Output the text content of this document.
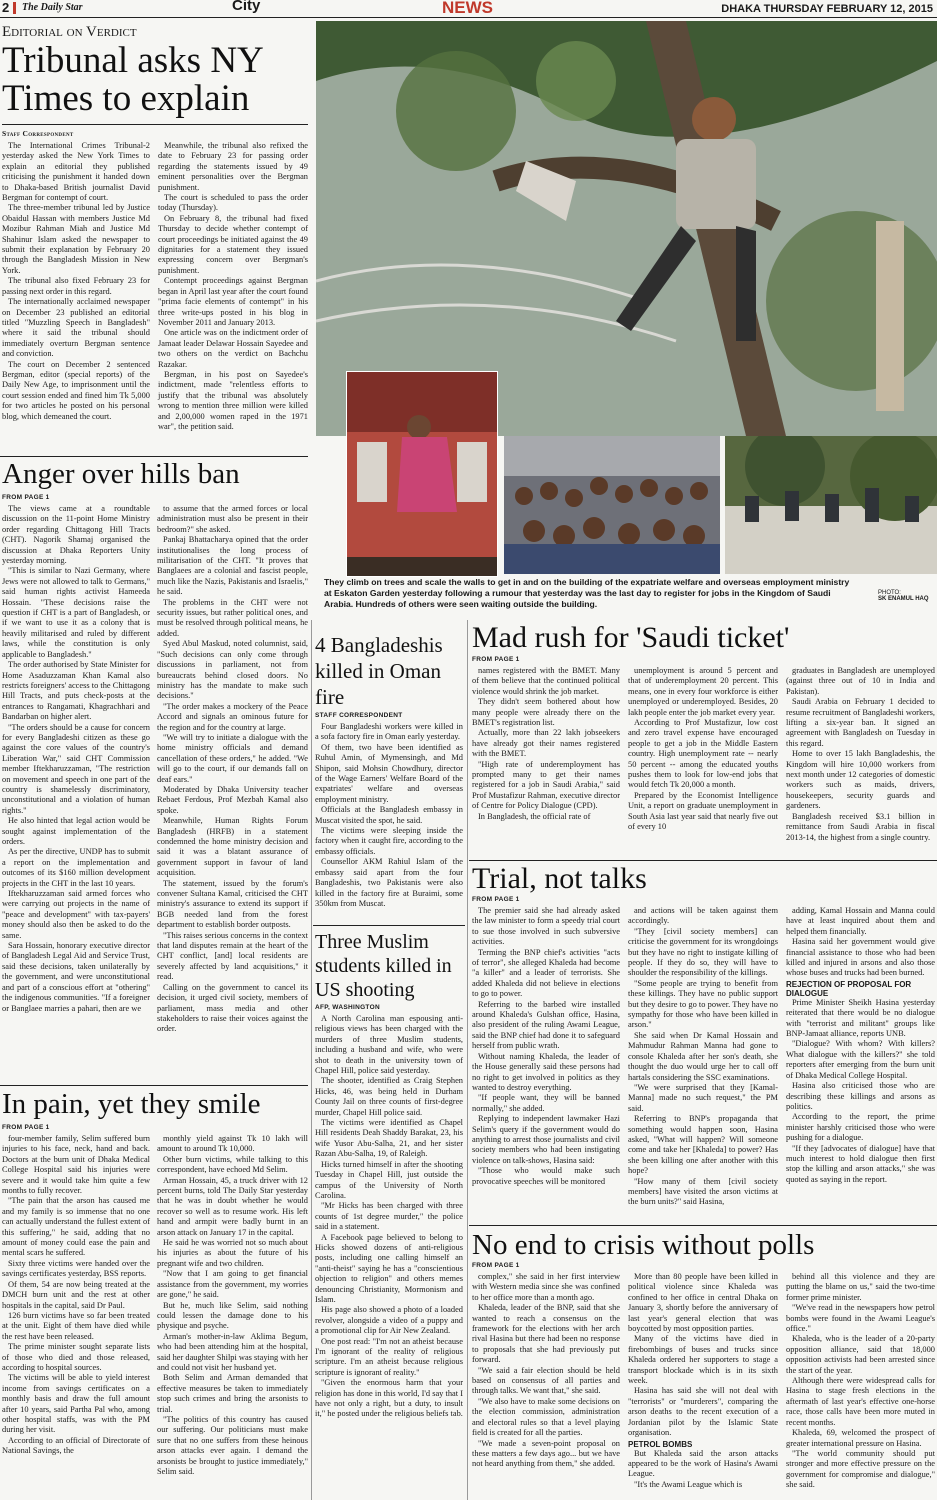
2 The Daily Star	City	NEWS	DHAKA THURSDAY FEBRUARY 12, 2015
Editorial on Verdict
Tribunal asks NY Times to explain
Staff Correspondent

The International Crimes Tribunal-2 yesterday asked the New York Times to explain an editorial they published criticising the punishment it handed down to Dhaka-based British journalist David Bergman for contempt of court.

The three-member tribunal led by Justice Obaidul Hassan with members Justice Md Mozibur Rahman Miah and Justice Md Shahinur Islam asked the newspaper to submit their explanation by February 20 through the Bangladesh Mission in New York.

The tribunal also fixed February 23 for passing next order in this regard.

The internationally acclaimed newspaper on December 23 published an editorial titled "Muzzling Speech in Bangladesh" where it said the tribunal should immediately overturn Bergman sentence and conviction.

The court on December 2 sentenced Bergman, editor (special reports) of the Daily New Age, to imprisonment until the court session ended and fined him Tk 5,000 for two articles he posted on his personal blog, which demeaned the court.

Meanwhile, the tribunal also refixed the date to February 23 for passing order regarding the statements issued by 49 eminent personalities over the Bergman punishment.

The court is scheduled to pass the order today (Thursday).

On February 8, the tribunal had fixed Thursday to decide whether contempt of court proceedings be initiated against the 49 dignitaries for a statement they issued expressing concern over Bergman's punishment.

Contempt proceedings against Bergman began in April last year after the court found "prima facie elements of contempt" in his three write-ups posted in his blog in November 2011 and January 2013.

One article was on the indictment order of Jamaat leader Delawar Hossain Sayedee and two others on the verdict on Bachchu Razakar.

Bergman, in his post on Sayedee's indictment, made "relentless efforts to justify that the tribunal was absolutely wrong to mention three million were killed and 2,00,000 women raped in the 1971 war", the petition said.

Anger over hills ban
FROM PAGE 1

The views came at a roundtable discussion on the 11-point Home Ministry order regarding Chittagong Hill Tracts (CHT). Nagorik Shamaj organised the discussion at Dhaka Reporters Unity yesterday morning.

"This is similar to Nazi Germany, where Jews were not allowed to talk to Germans," said human rights activist Hameeda Hossain. "These decisions raise the question if CHT is a part of Bangladesh, or if we want to use it as a colony that is heavily militarised and ruled by different laws, while the constitution is only applicable to Bangladesh."

The order authorised by State Minister for Home Asaduzzaman Khan Kamal also restricts foreigners' access to the Chittagong Hill Tracts, and puts check-posts at the entrances to Rangamati, Khagrachhari and Bandarban on higher alert.

"The orders should be a cause for concern for every Bangladeshi citizen as these go against the core values of the country's Liberation War," said CHT Commission member Iftekharuzzaman, "The restriction on movement and speech in one part of the country is shamelessly discriminatory, unconstitutional and a violation of human rights."

He also hinted that legal action would be sought against implementation of the orders.

As per the directive, UNDP has to submit a report on the implementation and outcomes of its $160 million development projects in the CHT in the last 10 years.

Iftekharuzzaman said armed forces who were carrying out projects in the name of "peace and development" with tax-payers' money should also then be asked to do the same.

Sara Hossain, honorary executive director of Bangladesh Legal Aid and Service Trust, said these decisions, taken unilaterally by the government, and were unconstitutional and part of a conscious effort at "othering" the indigenous communities. "If a foreigner or Banglaee marries a pahari, then are we

to assume that the armed forces or local administration must also be present in their bedroom?" she asked.

Pankaj Bhattacharya opined that the order institutionalises the long process of militarisation of the CHT. "It proves that Banglaees are a colonial and fascist people, much like the Nazis, Pakistanis and Israelis," he said.

The problems in the CHT were not security issues, but rather political ones, and must be resolved through political means, he added.

Syed Abul Maskud, noted columnist, said, "Such decisions can only come through discussions in parliament, not from bureaucrats behind closed doors. No ministry has the mandate to make such decisions."

"The order makes a mockery of the Peace Accord and signals an ominous future for the region and for the country at large.

"We will try to initiate a dialogue with the home ministry officials and demand cancellation of these orders," he added. "We will go to the court, if our demands fall on deaf ears."

Moderated by Dhaka University teacher Rebaet Ferdous, Prof Mezbah Kamal also spoke.

Meanwhile, Human Rights Forum Bangladesh (HRFB) in a statement condemned the home ministry decision and said it was a blatant assurance of government support in favour of land acquisition.

The statement, issued by the forum's convener Sultana Kamal, criticised the CHT ministry's assurance to extend its support if BGB needed land from the forest department to establish border outposts.

"This raises serious concerns in the context that land disputes remain at the heart of the CHT conflict, [and] local residents are severely affected by land acquisitions," it read.

Calling on the government to cancel its decision, it urged civil society, members of parliament, mass media and other stakeholders to raise their voices against the order.

In pain, yet they smile
FROM PAGE 1

four-member family, Selim suffered burn injuries to his face, neck, hand and back. Doctors at the burn unit of Dhaka Medical College Hospital said his injuries were severe and it would take him quite a few months to fully recover.

"The pain that the arson has caused me and my family is so immense that no one can actually understand the fullest extent of this suffering," he said, adding that no amount of money could ease the pain and mental scars he suffered.

Sixty three victims were handed over the savings certificates yesterday, BSS reports.

Of them, 54 are now being treated at the DMCH burn unit and the rest at other hospitals in the capital, said Dr Paul.

126 burn victims have so far been treated at the unit. Eight of them have died while the rest have been released.

The prime minister sought separate lists of those who died and those released, according to hospital sources.

The victims will be able to yield interest income from savings certificates on a monthly basis and draw the full amount after 10 years, said Partha Pal who, among other hospital staffs, was with the PM during her visit.

According to an official of Directorate of National Savings, the

monthly yield against Tk 10 lakh will amount to around Tk 10,000.

Other burn victims, while talking to this correspondent, have echoed Md Selim.

Arman Hossain, 45, a truck driver with 12 percent burns, told The Daily Star yesterday that he was in doubt whether he would recover so well as to resume work. His left hand and armpit were badly burnt in an arson attack on January 17 in the capital.

He said he was worried not so much about his injuries as about the future of his pregnant wife and two children.

"Now that I am going to get financial assistance from the government, my worries are gone," he said.

But he, much like Selim, said nothing could lessen the damage done to his physique and psyche.

Arman's mother-in-law Aklima Begum, who had been attending him at the hospital, said her daughter Shilpi was staying with her and could not visit her husband yet.

Both Selim and Arman demanded that effective measures be taken to immediately stop such crimes and bring the arsonists to trial.

"The politics of this country has caused our suffering. Our politicians must make sure that no one suffers from these heinous arson attacks ever again. I demand the arsonists be brought to justice immediately," Selim said.

They climb on trees and scale the walls to get in and on the building of the expatriate welfare and overseas employment ministry at Eskaton Garden yesterday following a rumour that yesterday was the last day to register for jobs in the Kingdom of Saudi Arabia. Hundreds of others were seen waiting outside the building.

PHOTO:
SK ENAMUL HAQ
4 Bangladeshis killed in Oman fire
STAFF CORRESPONDENT

Four Bangladeshi workers were killed in a sofa factory fire in Oman early yesterday.

Of them, two have been identified as Ruhul Amin, of Mymensingh, and Md Shipon, said Mohsin Chowdhury, director of the Wage Earners' Welfare Board of the expatriates' welfare and overseas employment ministry.

Officials at the Bangladesh embassy in Muscat visited the spot, he said.

The victims were sleeping inside the factory when it caught fire, according to the embassy officials.

Counsellor AKM Rahiul Islam of the embassy said apart from the four Bangladeshis, two Pakistanis were also killed in the factory fire at Buraimi, some 350km from Muscat.

Three Muslim students killed in US shooting
AFP, WASHINGTON

A North Carolina man espousing anti-religious views has been charged with the murders of three Muslim students, including a husband and wife, who were shot to death in the university town of Chapel Hill, police said yesterday.

The shooter, identified as Craig Stephen Hicks, 46, was being held in Durham County Jail on three counts of first-degree murder, Chapel Hill police said.

The victims were identified as Chapel Hill residents Deah Shaddy Barakat, 23, his wife Yusor Abu-Salha, 21, and her sister Razan Abu-Salha, 19, of Raleigh.

Hicks turned himself in after the shooting Tuesday in Chapel Hill, just outside the campus of the University of North Carolina.

"Mr Hicks has been charged with three counts of 1st degree murder," the police said in a statement.

A Facebook page believed to belong to Hicks showed dozens of anti-religious posts, including one calling himself an "anti-theist" saying he has a "conscientious objection to religion" and others memes denouncing Christianity, Mormonism and Islam.

His page also showed a photo of a loaded revolver, alongside a video of a puppy and a promotional clip for Air New Zealand.

One post read: "I'm not an atheist because I'm ignorant of the reality of religious scripture. I'm an atheist because religious scripture is ignorant of reality."

"Given the enormous harm that your religion has done in this world, I'd say that I have not only a right, but a duty, to insult it," he posted under the religious beliefs tab.

Mad rush for 'Saudi ticket'
FROM PAGE 1

names registered with the BMET. Many of them believe that the continued political violence would shrink the job market.

They didn't seem bothered about how many people were already there on the BMET's registration list.

Actually, more than 22 lakh jobseekers have already got their names registered with the BMET.

"High rate of underemployment has prompted many to get their names registered for a job in Saudi Arabia," said Prof Mustafizur Rahman, executive director of Centre for Policy Dialogue (CPD).

In Bangladesh, the official rate of

unemployment is around 5 percent and that of underemployment 20 percent. This means, one in every four workforce is either unemployed or underemployed. Besides, 20 lakh people enter the job market every year.

According to Prof Mustafizur, low cost and zero travel expense have encouraged people to get a job in the Middle Eastern country. High unemployment rate -- nearly 50 percent -- among the educated youths pushes them to look for low-end jobs that would fetch Tk 20,000 a month.

Prepared by the Economist Intelligence Unit, a report on graduate unemployment in South Asia last year said that nearly five out of every 10

graduates in Bangladesh are unemployed (against three out of 10 in India and Pakistan).

Saudi Arabia on February 1 decided to resume recruitment of Bangladeshi workers, lifting a six-year ban. It signed an agreement with Bangladesh on Tuesday in this regard.

Home to over 15 lakh Bangladeshis, the Kingdom will hire 10,000 workers from next month under 12 categories of domestic workers such as maids, drivers, housekeepers, security guards and gardeners.

Bangladesh received $3.1 billion in remittance from Saudi Arabia in fiscal 2013-14, the highest from a single country.

Trial, not talks
FROM PAGE 1

The premier said she had already asked the law minister to form a speedy trial court to sue those involved in such subversive activities.

Terming the BNP chief's activities "acts of terror", she alleged Khaleda had become "a killer" and a leader of terrorists. She added Khaleda did not believe in elections to go to power.

Referring to the barbed wire installed around Khaleda's Gulshan office, Hasina, also president of the ruling Awami League, said the BNP chief had done it to safeguard herself from public wrath.

Without naming Khaleda, the leader of the House generally said these persons had no right to get involved in politics as they wanted to destroy everything.

"If people want, they will be banned normally," she added.

Replying to independent lawmaker Hazi Selim's query if the government would do anything to arrest those journalists and civil society members who had been instigating violence on talk-shows, Hasina said:

"Those who would make such provocative speeches will be monitored

and actions will be taken against them accordingly.

"They [civil society members] can criticise the government for its wrongdoings but they have no right to instigate killing of people. If they do so, they will have to shoulder the responsibility of the killings.

"Some people are trying to benefit from these killings. They have no public support but they desire to go to power. They have no sympathy for those who have been killed in arson."

She said when Dr Kamal Hossain and Mahmudur Rahman Manna had gone to console Khaleda after her son's death, she thought the duo would urge her to call off hartals considering the SSC examinations.

"We were surprised that they [Kamal-Manna] made no such request," the PM said.

Referring to BNP's propaganda that something would happen soon, Hasina asked, "What will happen? Will someone come and take her [Khaleda] to power? Has she been killing one after another with this hope?

"How many of them [civil society members] have visited the arson victims at the burn units?" said Hasina,

adding, Kamal Hossain and Manna could have at least inquired about them and helped them financially.

Hasina said her government would give financial assistance to those who had been killed and injured in arsons and also those whose buses and trucks had been burned.

REJECTION OF PROPOSAL FOR DIALOGUE

Prime Minister Sheikh Hasina yesterday reiterated that there would be no dialogue with "terrorist and militant" groups like BNP-Jamaat alliance, reports UNB.

"Dialogue? With whom? With killers? What dialogue with the killers?" she told reporters after emerging from the burn unit of Dhaka Medical College Hospital.

Hasina also criticised those who are describing these killings and arsons as politics.

According to the report, the prime minister harshly criticised those who were pushing for a dialogue.

"If they [advocates of dialogue] have that much interest to hold dialogue then first stop the killing and arson attacks," she was quoted as saying in the report.

No end to crisis without polls
FROM PAGE 1

complex," she said in her first interview with Western media since she was confined to her office more than a month ago.

Khaleda, leader of the BNP, said that she wanted to reach a consensus on the framework for the elections with her arch rival Hasina but there had been no response to proposals that she had previously put forward.

"We said a fair election should be held based on consensus of all parties and through talks. We want that," she said.

"We also have to make some decisions on the election commission, administration and electoral rules so that a level playing field is created for all the parties.

"We made a seven-point proposal on these matters a few days ago... but we have not heard anything from them," she added.

More than 80 people have been killed in political violence since Khaleda was confined to her office in central Dhaka on January 3, shortly before the anniversary of last year's general election that was boycotted by most opposition parties.

Many of the victims have died in firebombings of buses and trucks since Khaleda ordered her supporters to stage a transport blockade which is in its sixth week.

Hasina has said she will not deal with "terrorists" or "murderers", comparing the arson deaths to the recent execution of a Jordanian pilot by the Islamic State organisation.

PETROL BOMBS

But Khaleda said the arson attacks appeared to be the work of Hasina's Awami League.

"It's the Awami League which is

behind all this violence and they are putting the blame on us," said the two-time former prime minister.

"We've read in the newspapers how petrol bombs were found in the Awami League's office."

Khaleda, who is the leader of a 20-party opposition alliance, said that 18,000 opposition activists had been arrested since the start of the year.

Although there were widespread calls for Hasina to stage fresh elections in the aftermath of last year's effective one-horse race, those calls have been more muted in recent months.

Khaleda, 69, welcomed the prospect of greater international pressure on Hasina.

"The world community should put stronger and more effective pressure on the government for compromise and dialogue," she said.
